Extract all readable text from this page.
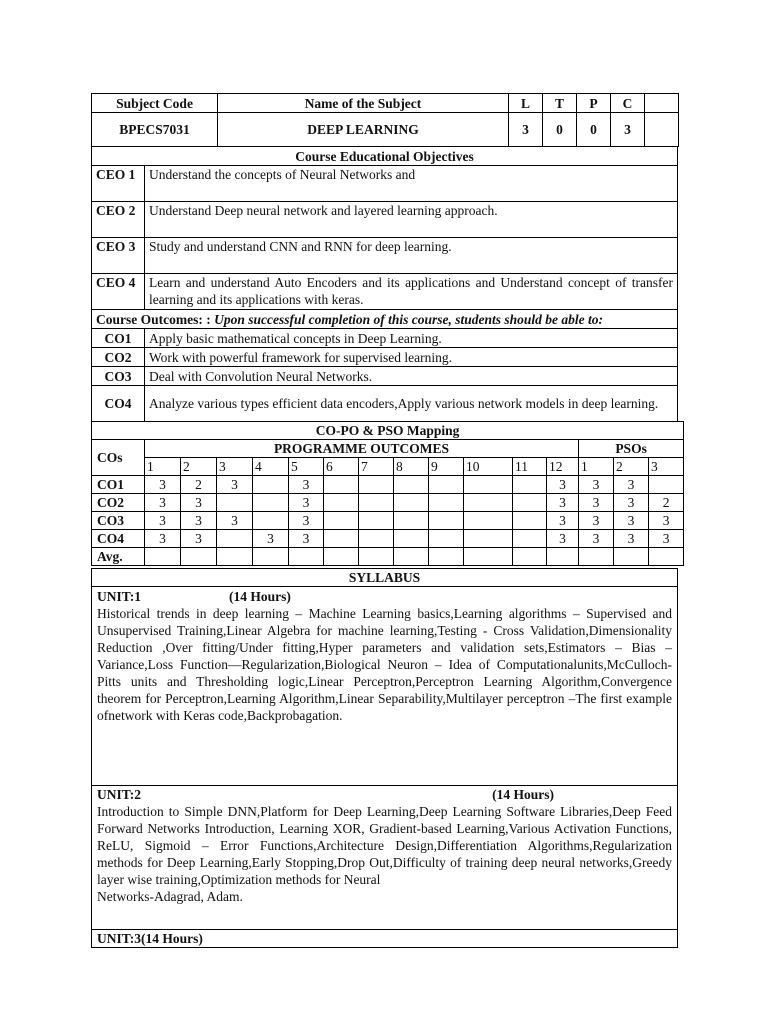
Subject Code	Name of the Subject	L	T	P	C	
BPECS7031	DEEP LEARNING	3	0	0	3	
Course Educational Objectives	
CEO 1	Understand the concepts of Neural Networks and
CEO 2	Understand Deep neural network and layered learning approach.
CEO 3	Study and understand CNN and RNN for deep learning.
CEO 4	Learn and understand Auto Encoders and its applications and Understand concept of transfer learning and its applications with keras.
Course Outcomes: : Upon successful completion of this course, students should be able to:	
CO1	Apply basic mathematical concepts in Deep Learning.
CO2	Work with powerful framework for supervised learning.
CO3	Deal with Convolution Neural Networks.
CO4	Analyze various types efficient data encoders,Apply various network models in deep learning.
CO-PO & PSO Mapping															
COs	PROGRAMME OUTCOMES												PSOs		
	1	2	3	4	5	6	7	8	9	10	11	12	1	2	3
CO1	3	2	3		3							3	3	3	
CO2	3	3			3							3	3	3	2
CO3	3	3	3		3							3	3	3	3
CO4	3	3		3	3							3	3	3	3
Avg.															
SYLLABUS

UNIT:1	(14 Hours)
Historical trends in deep learning – Machine Learning basics,Learning algorithms – Supervised and Unsupervised Training,Linear Algebra for machine learning,Testing - Cross Validation,Dimensionality Reduction ,Over fitting/Under fitting,Hyper parameters and validation sets,Estimators – Bias – Variance,Loss Function—Regularization,Biological Neuron – Idea of Computationalunits,McCulloch-Pitts units and Thresholding logic,Linear Perceptron,Perceptron Learning Algorithm,Convergence theorem for Perceptron,Learning Algorithm,Linear Separability,Multilayer perceptron –The first example ofnetwork with Keras code,Backprobagation.

UNIT:2	(14 Hours)
Introduction to Simple DNN,Platform for Deep Learning,Deep Learning Software Libraries,Deep Feed Forward Networks Introduction, Learning XOR, Gradient-based Learning,Various Activation Functions, ReLU, Sigmoid – Error Functions,Architecture Design,Differentiation Algorithms,Regularization methods for Deep Learning,Early Stopping,Drop Out,Difficulty of training deep neural networks,Greedy layer wise training,Optimization methods for Neural
Networks-Adagrad, Adam.

UNIT:3(14 Hours)
